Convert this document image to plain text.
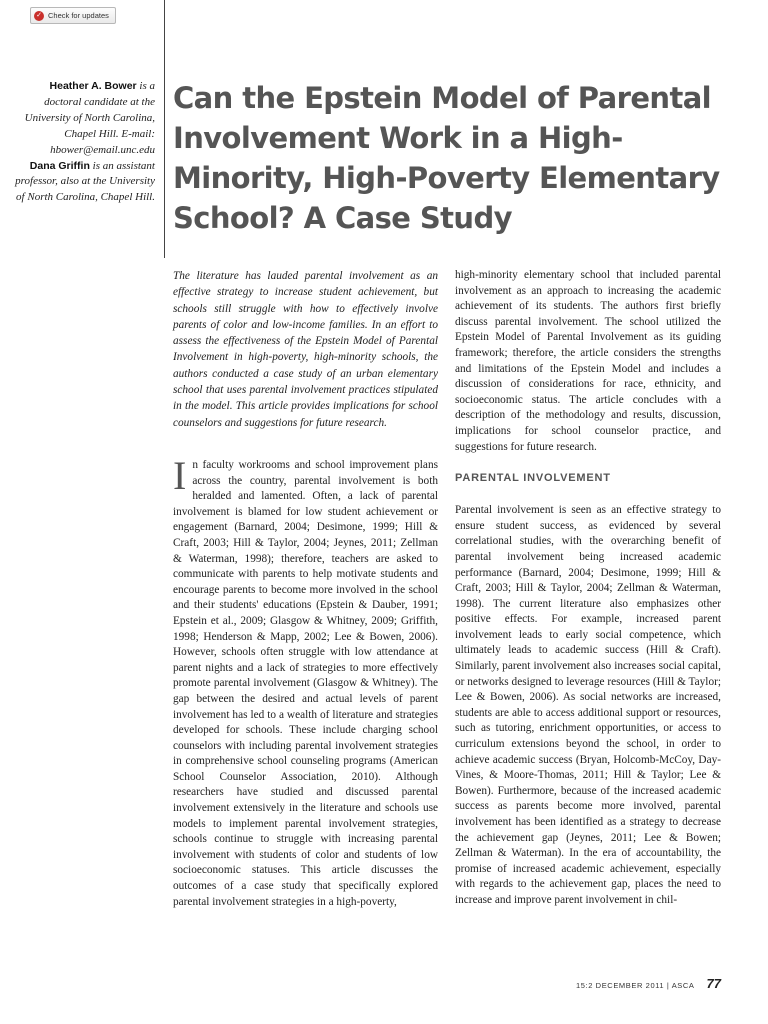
✓ Check for updates
Heather A. Bower is a doctoral candidate at the University of North Carolina, Chapel Hill. E-mail: hbower@email.unc.edu
Dana Griffin is an assistant professor, also at the University of North Carolina, Chapel Hill.
Can the Epstein Model of Parental Involvement Work in a High-Minority, High-Poverty Elementary School? A Case Study

The literature has lauded parental involvement as an effective strategy to increase student achievement, but schools still struggle with how to effectively involve parents of color and low-income families. In an effort to assess the effectiveness of the Epstein Model of Parental Involvement in high-poverty, high-minority schools, the authors conducted a case study of an urban elementary school that uses parental involvement practices stipulated in the model. This article provides implications for school counselors and suggestions for future research.

In faculty workrooms and school improvement plans across the country, parental involvement is both heralded and lamented. Often, a lack of parental involvement is blamed for low student achievement or engagement (Barnard, 2004; Desimone, 1999; Hill & Craft, 2003; Hill & Taylor, 2004; Jeynes, 2011; Zellman & Waterman, 1998); therefore, teachers are asked to communicate with parents to help motivate students and encourage parents to become more involved in the school and their students' educations (Epstein & Dauber, 1991; Epstein et al., 2009; Glasgow & Whitney, 2009; Griffith, 1998; Henderson & Mapp, 2002; Lee & Bowen, 2006). However, schools often struggle with low attendance at parent nights and a lack of strategies to more effectively promote parental involvement (Glasgow & Whitney). The gap between the desired and actual levels of parent involvement has led to a wealth of literature and strategies developed for schools. These include charging school counselors with including parental involvement strategies in comprehensive school counseling programs (American School Counselor Association, 2010). Although researchers have studied and discussed parental involvement extensively in the literature and schools use models to implement parental involvement strategies, schools continue to struggle with increasing parental involvement with students of color and students of low socioeconomic statuses. This article discusses the outcomes of a case study that specifically explored parental involvement strategies in a high-poverty,

high-minority elementary school that included parental involvement as an approach to increasing the academic achievement of its students. The authors first briefly discuss parental involvement. The school utilized the Epstein Model of Parental Involvement as its guiding framework; therefore, the article considers the strengths and limitations of the Epstein Model and includes a discussion of considerations for race, ethnicity, and socioeconomic status. The article concludes with a description of the methodology and results, discussion, implications for school counselor practice, and suggestions for future research.

PARENTAL INVOLVEMENT

Parental involvement is seen as an effective strategy to ensure student success, as evidenced by several correlational studies, with the overarching benefit of parental involvement being increased academic performance (Barnard, 2004; Desimone, 1999; Hill & Craft, 2003; Hill & Taylor, 2004; Zellman & Waterman, 1998). The current literature also emphasizes other positive effects. For example, increased parent involvement leads to early social competence, which ultimately leads to academic success (Hill & Craft). Similarly, parent involvement also increases social capital, or networks designed to leverage resources (Hill & Taylor; Lee & Bowen, 2006). As social networks are increased, students are able to access additional support or resources, such as tutoring, enrichment opportunities, or access to curriculum extensions beyond the school, in order to achieve academic success (Bryan, Holcomb-McCoy, Day-Vines, & Moore-Thomas, 2011; Hill & Taylor; Lee & Bowen). Furthermore, because of the increased academic success as parents become more involved, parental involvement has been identified as a strategy to decrease the achievement gap (Jeynes, 2011; Lee & Bowen; Zellman & Waterman). In the era of accountability, the promise of increased academic achievement, especially with regards to the achievement gap, places the need to increase and improve parent involvement in chil-

15:2 DECEMBER 2011 | ASCA 77
